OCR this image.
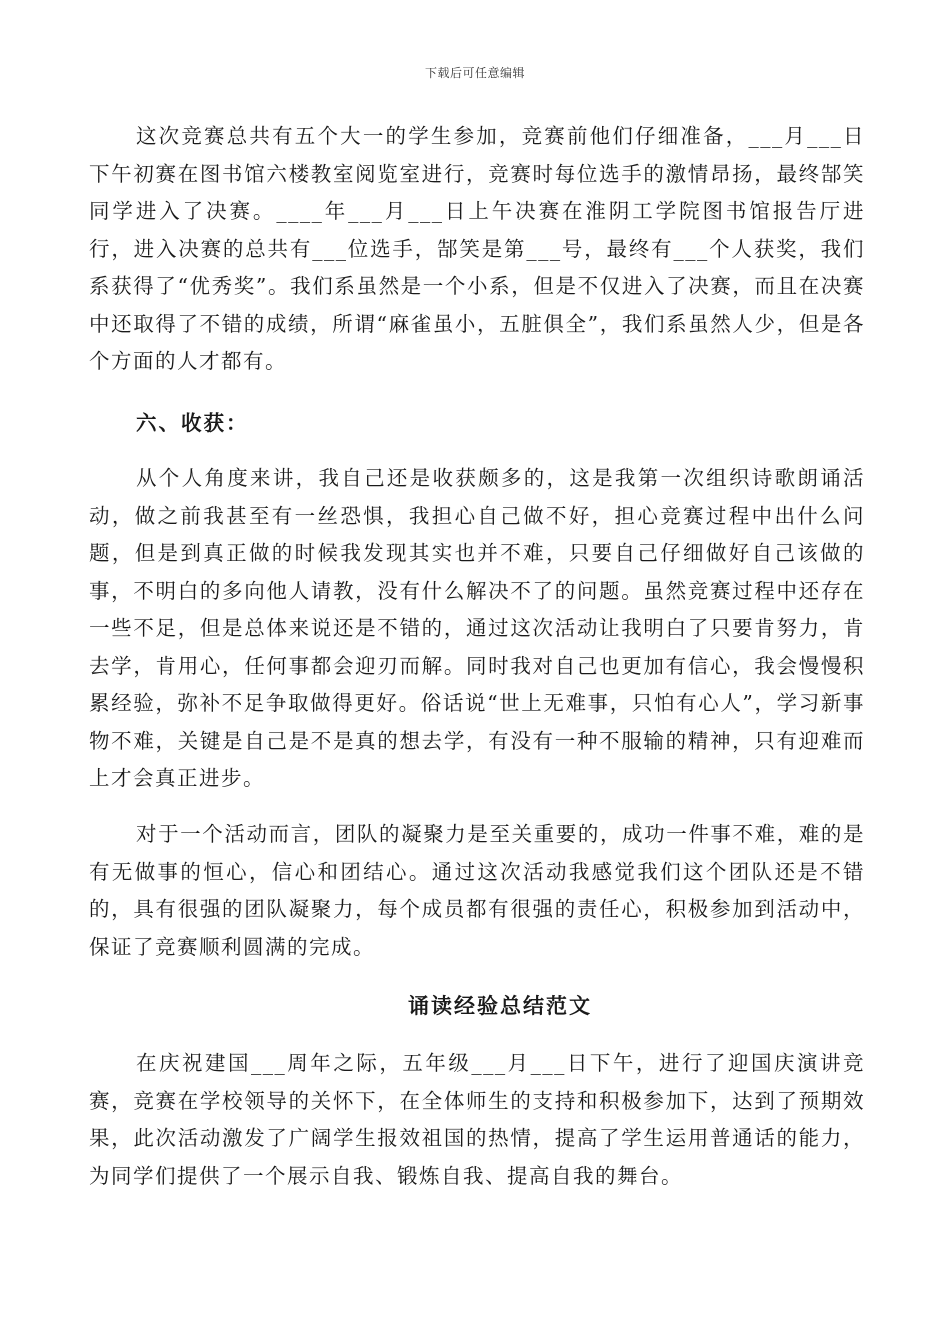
下载后可任意编辑

这次竞赛总共有五个大一的学生参加，竞赛前他们仔细准备，___月___日下午初赛在图书馆六楼教室阅览室进行，竞赛时每位选手的激情昂扬，最终郜笑同学进入了决赛。____年___月___日上午决赛在淮阴工学院图书馆报告厅进行，进入决赛的总共有___位选手，郜笑是第___号，最终有___个人获奖，我们系获得了“优秀奖”。我们系虽然是一个小系，但是不仅进入了决赛，而且在决赛中还取得了不错的成绩，所谓“麻雀虽小，五脏俱全”，我们系虽然人少，但是各个方面的人才都有。

六、收获：

从个人角度来讲，我自己还是收获颇多的，这是我第一次组织诗歌朗诵活动，做之前我甚至有一丝恐惧，我担心自己做不好，担心竞赛过程中出什么问题，但是到真正做的时候我发现其实也并不难，只要自己仔细做好自己该做的事，不明白的多向他人请教，没有什么解决不了的问题。虽然竞赛过程中还存在一些不足，但是总体来说还是不错的，通过这次活动让我明白了只要肯努力，肯去学，肯用心，任何事都会迎刃而解。同时我对自己也更加有信心，我会慢慢积累经验，弥补不足争取做得更好。俗话说“世上无难事，只怕有心人”，学习新事物不难，关键是自己是不是真的想去学，有没有一种不服输的精神，只有迎难而上才会真正进步。

对于一个活动而言，团队的凝聚力是至关重要的，成功一件事不难，难的是有无做事的恒心，信心和团结心。通过这次活动我感觉我们这个团队还是不错的，具有很强的团队凝聚力，每个成员都有很强的责任心，积极参加到活动中，保证了竞赛顺利圆满的完成。

诵读经验总结范文

在庆祝建国___周年之际，五年级___月___日下午，进行了迎国庆演讲竞赛，竞赛在学校领导的关怀下，在全体师生的支持和积极参加下，达到了预期效果，此次活动激发了广阔学生报效祖国的热情，提高了学生运用普通话的能力，为同学们提供了一个展示自我、锻炼自我、提高自我的舞台。
